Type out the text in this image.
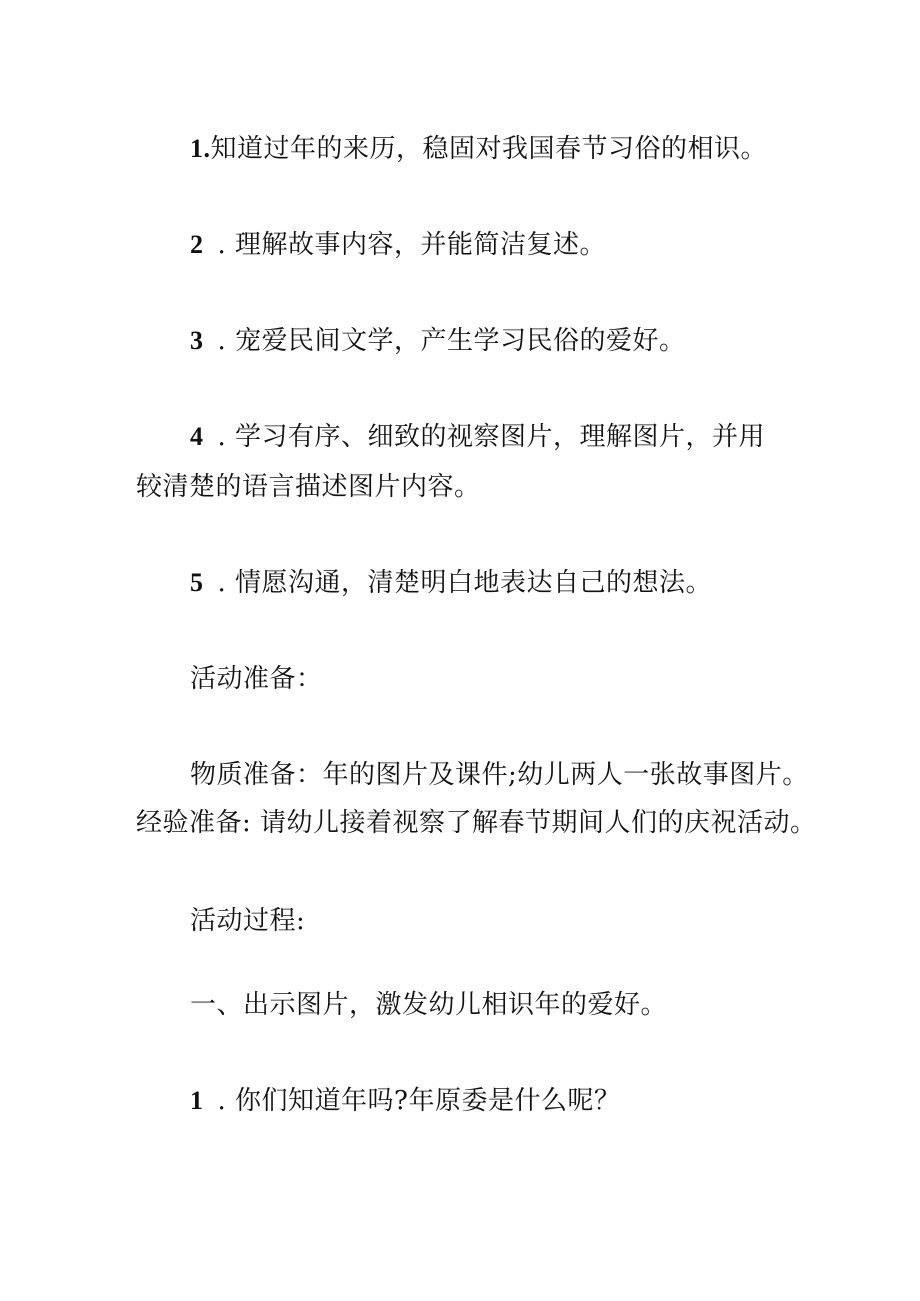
1.知道过年的来历，稳固对我国春节习俗的相识。
2 . 理解故事内容，并能简洁复述。
3 . 宠爱民间文学，产生学习民俗的爱好。
4 . 学习有序、细致的视察图片，理解图片，并用
较清楚的语言描述图片内容。
5 . 情愿沟通，清楚明白地表达自己的想法。
活动准备：
物质准备：年的图片及课件;幼儿两人一张故事图片。
经验准备: 请幼儿接着视察了解春节期间人们的庆祝活动。
活动过程:
一、出示图片，激发幼儿相识年的爱好。
1 . 你们知道年吗?年原委是什么呢？
